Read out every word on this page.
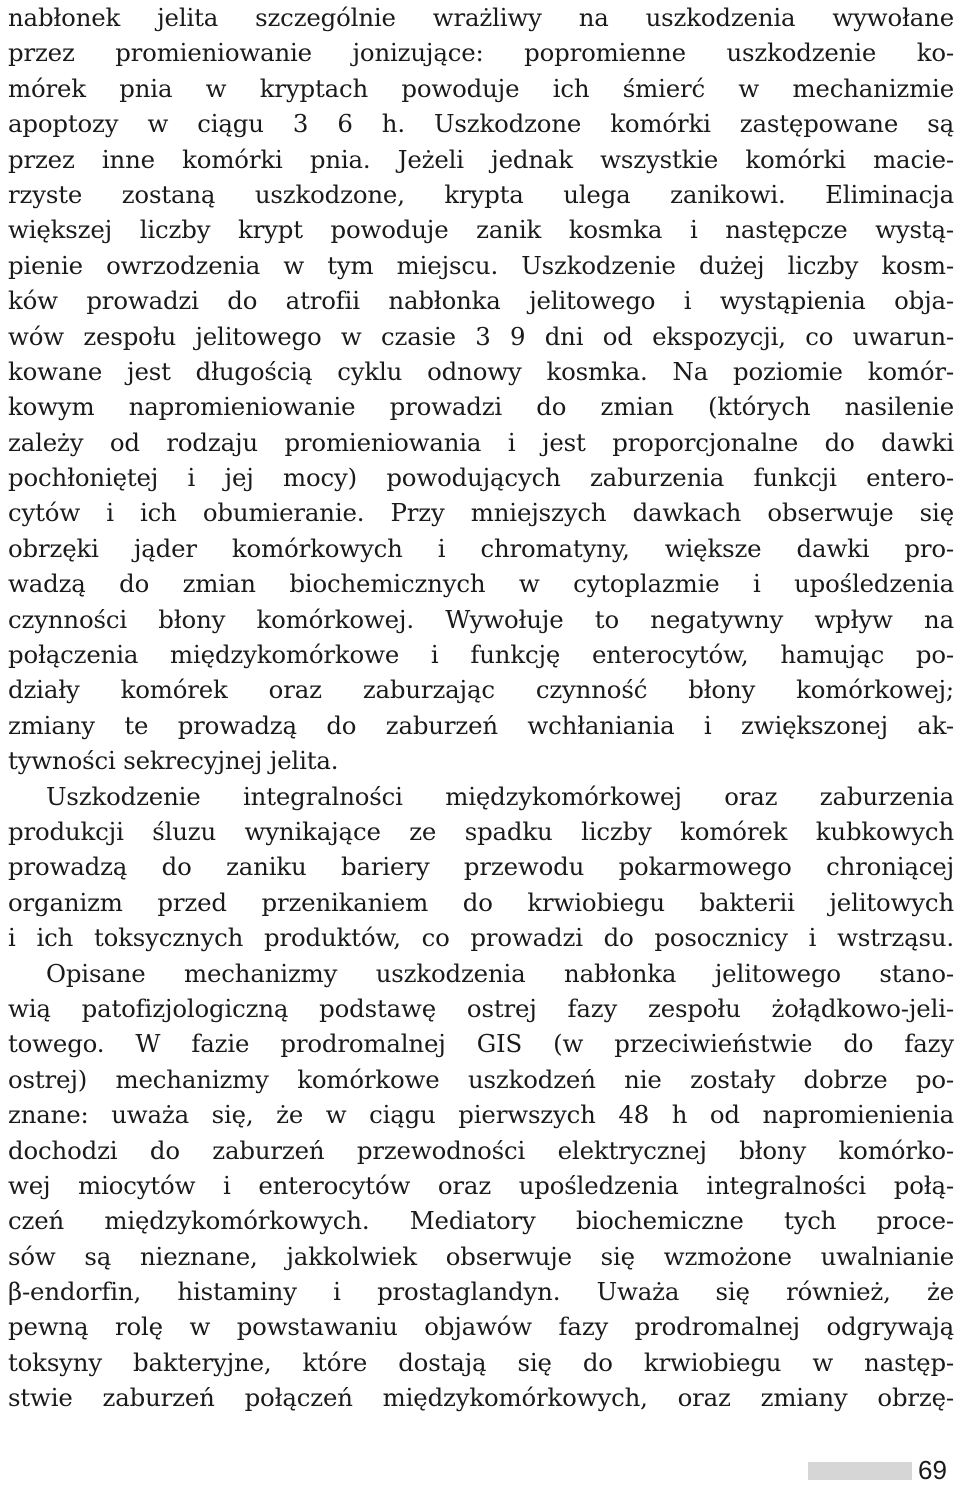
nabłonek jelita szczególnie wrażliwy na uszkodzenia wywołane
przez promieniowanie jonizujące: popromienne uszkodzenie ko-
mórek pnia w kryptach powoduje ich śmierć w mechanizmie
apoptozy w ciągu 3 6 h. Uszkodzone komórki zastępowane są
przez inne komórki pnia. Jeżeli jednak wszystkie komórki macie-
rzyste zostaną uszkodzone, krypta ulega zanikowi. Eliminacja
większej liczby krypt powoduje zanik kosmka i następcze wystą-
pienie owrzodzenia w tym miejscu. Uszkodzenie dużej liczby kosm-
ków prowadzi do atrofii nabłonka jelitowego i wystąpienia obja-
wów zespołu jelitowego w czasie 3 9 dni od ekspozycji, co uwarun-
kowane jest długością cyklu odnowy kosmka. Na poziomie komór-
kowym napromieniowanie prowadzi do zmian (których nasilenie
zależy od rodzaju promieniowania i jest proporcjonalne do dawki
pochłoniętej i jej mocy) powodujących zaburzenia funkcji entero-
cytów i ich obumieranie. Przy mniejszych dawkach obserwuje się
obrzęki jąder komórkowych i chromatyny, większe dawki pro-
wadzą do zmian biochemicznych w cytoplazmie i upośledzenia
czynności błony komórkowej. Wywołuje to negatywny wpływ na
połączenia międzykomórkowe i funkcję enterocytów, hamując po-
działy komórek oraz zaburzając czynność błony komórkowej;
zmiany te prowadzą do zaburzeń wchłaniania i zwiększonej ak-
tywności sekrecyjnej jelita.
Uszkodzenie integralności międzykomórkowej oraz zaburzenia
produkcji śluzu wynikające ze spadku liczby komórek kubkowych
prowadzą do zaniku bariery przewodu pokarmowego chroniącej
organizm przed przenikaniem do krwiobiegu bakterii jelitowych
i ich toksycznych produktów, co prowadzi do posocznicy i wstrząsu.
Opisane mechanizmy uszkodzenia nabłonka jelitowego stano-
wią patofizjologiczną podstawę ostrej fazy zespołu żołądkowo-jeli-
towego. W fazie prodromalnej GIS (w przeciwieństwie do fazy
ostrej) mechanizmy komórkowe uszkodzeń nie zostały dobrze po-
znane: uważa się, że w ciągu pierwszych 48 h od napromienienia
dochodzi do zaburzeń przewodności elektrycznej błony komórko-
wej miocytów i enterocytów oraz upośledzenia integralności połą-
czeń międzykomórkowych. Mediatory biochemiczne tych proce-
sów są nieznane, jakkolwiek obserwuje się wzmożone uwalnianie
β-endorfin, histaminy i prostaglandyn. Uważa się również, że
pewną rolę w powstawaniu objawów fazy prodromalnej odgrywają
toksyny bakteryjne, które dostają się do krwiobiegu w następ-
stwie zaburzeń połączeń międzykomórkowych, oraz zmiany obrzę-
69
